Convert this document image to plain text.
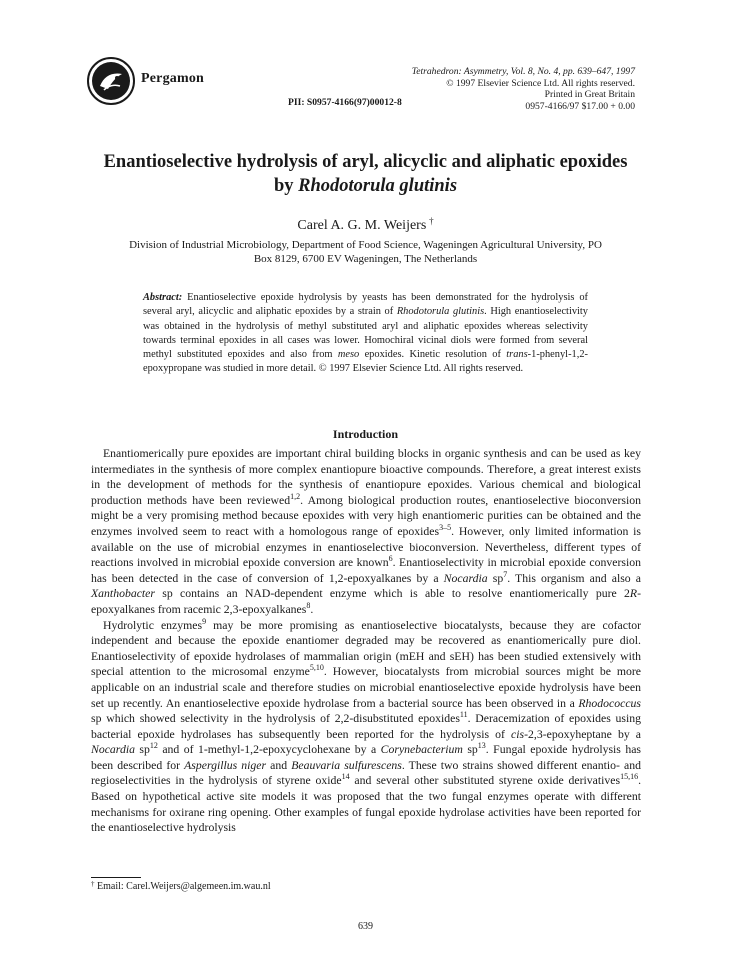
Pergamon	Tetrahedron: Asymmetry, Vol. 8, No. 4, pp. 639–647, 1997
© 1997 Elsevier Science Ltd. All rights reserved.
Printed in Great Britain
0957-4166/97 $17.00 + 0.00
PII: S0957-4166(97)00012-8
Enantioselective hydrolysis of aryl, alicyclic and aliphatic epoxides
by Rhodotorula glutinis
Carel A. G. M. Weijers  †
Division of Industrial Microbiology, Department of Food Science, Wageningen Agricultural University, PO
Box 8129, 6700 EV Wageningen, The Netherlands
Abstract: Enantioselective epoxide hydrolysis by yeasts has been demonstrated for the hydrolysis of several aryl, alicyclic and aliphatic epoxides by a strain of Rhodotorula glutinis. High enantioselectivity was obtained in the hydrolysis of methyl substituted aryl and aliphatic epoxides whereas selectivity towards terminal epoxides in all cases was lower. Homochiral vicinal diols were formed from several methyl substituted epoxides and also from meso epoxides. Kinetic resolution of trans-1-phenyl-1,2-epoxypropane was studied in more detail. © 1997 Elsevier Science Ltd. All rights reserved.
Introduction

Enantiomerically pure epoxides are important chiral building blocks in organic synthesis and can be used as key intermediates in the synthesis of more complex enantiopure bioactive compounds. Therefore, a great interest exists in the development of methods for the synthesis of enantiopure epoxides. Various chemical and biological production methods have been reviewed$^{1,2}$. Among biological production routes, enantioselective bioconversion might be a very promising method because epoxides with very high enantiomeric purities can be obtained and the enzymes involved seem to react with a homologous range of epoxides$^{3-5}$. However, only limited information is available on the use of microbial enzymes in enantioselective bioconversion. Nevertheless, different types of reactions involved in microbial epoxide conversion are known$^6$. Enantioselectivity in microbial epoxide conversion has been detected in the case of conversion of 1,2-epoxyalkanes by a Nocardia $sp^7$. This organism and also a Xanthobacter sp contains an NAD-dependent enzyme which is able to resolve enantiomerically pure 2R-epoxyalkanes from racemic 2,3-epoxyalkanes$^8$.

Hydrolytic enzymes$^9$ may be more promising as enantioselective biocatalysts, because they are cofactor independent and because the epoxide enantiomer degraded may be recovered as enantiomerically pure diol. Enantioselectivity of epoxide hydrolases of mammalian origin (mEH and sEH) has been studied extensively with special attention to the microsomal enzyme$^{5,10}$. However, biocatalysts from microbial sources might be more applicable on an industrial scale and therefore studies on microbial enantioselective epoxide hydrolysis have been set up recently. An enantioselective epoxide hydrolase from a bacterial source has been observed in a Rhodococcus sp which showed selectivity in the hydrolysis of 2,2-disubstituted epoxides$^{11}$. Deracemization of epoxides using bacterial epoxide hydrolases has subsequently been reported for the hydrolysis of cis-2,3-epoxyheptane by a Nocardia $sp^{12}$ and of 1-methyl-1,2-epoxycyclohexane by a Corynebacterium $sp^{13}$. Fungal epoxide hydrolysis has been described for Aspergillus niger and Beauvaria sulfurescens. These two strains showed different enantio- and regioselectivities in the hydrolysis of styrene oxide$^{14}$ and several other substituted styrene oxide derivatives$^{15,16}$. Based on hypothetical active site models it was proposed that the two fungal enzymes operate with different mechanisms for oxirane ring opening. Other examples of fungal epoxide hydrolase activities have been reported for the enantioselective hydrolysis

† Email: Carel.Weijers@algemeen.im.wau.nl
639
